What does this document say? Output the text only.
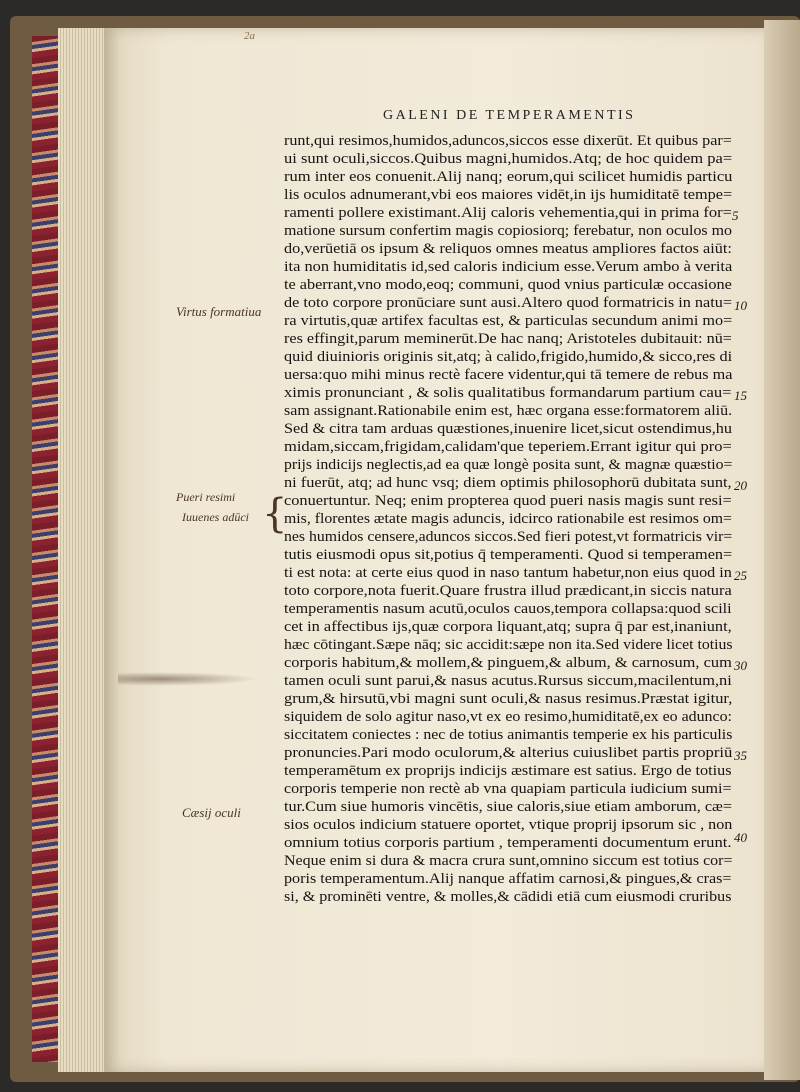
2a
GALENI DE TEMPERAMENTIS
runt,qui resimos,humidos,aduncos,siccos esse dixerūt. Et quibus par=
ui sunt oculi,siccos.Quibus magni,humidos.Atq; de hoc quidem pa=
rum inter eos conuenit.Alij nanq; eorum,qui scilicet humidis particu
lis oculos adnumerant,vbi eos maiores vidēt,in ijs humiditatē tempe=
ramenti pollere existimant.Alij caloris vehementia,qui in prima for=
matione sursum confertim magis copiosiorq; ferebatur, non oculos mo
do,verūetiā os ipsum & reliquos omnes meatus ampliores factos aiūt:
ita non humiditatis id,sed caloris indicium esse.Verum ambo à verita
te aberrant,vno modo,eoq; communi, quod vnius particulæ occasione
de toto corpore pronūciare sunt ausi.Altero quod formatricis in natu=
ra virtutis,quæ artifex facultas est, & particulas secundum animi mo=
res effingit,parum meminerūt.De hac nanq; Aristoteles dubitauit: nū=
quid diuinioris originis sit,atq; à calido,frigido,humido,& sicco,res di
uersa:quo mihi minus rectè facere videntur,qui tā temere de rebus ma
ximis pronunciant , & solis qualitatibus formandarum partium cau=
sam assignant.Rationabile enim est, hæc organa esse:formatorem aliū.
Sed & citra tam arduas quæstiones,inuenire licet,sicut ostendimus,hu
midam,siccam,frigidam,calidam'que teperiem.Errant igitur qui pro=
prijs indicijs neglectis,ad ea quæ longè posita sunt, & magnæ quæstio=
ni fuerūt, atq; ad hunc vsq; diem optimis philosophorū dubitata sunt,
conuertuntur. Neq; enim propterea quod pueri nasis magis sunt resi=
mis, florentes ætate magis aduncis, idcirco rationabile est resimos om=
nes humidos censere,aduncos siccos.Sed fieri potest,vt formatricis vir=
tutis eiusmodi opus sit,potius q̄ temperamenti. Quod si temperamen=
ti est nota: at certe eius quod in naso tantum habetur,non eius quod in
toto corpore,nota fuerit.Quare frustra illud prædicant,in siccis natura
temperamentis nasum acutū,oculos cauos,tempora collapsa:quod scili
cet in affectibus ijs,quæ corpora liquant,atq; supra q̄ par est,inaniunt,
hæc cōtingant.Sæpe nāq; sic accidit:sæpe non ita.Sed videre licet totius
corporis habitum,& mollem,& pinguem,& album, & carnosum, cum
tamen oculi sunt parui,& nasus acutus.Rursus siccum,macilentum,ni
grum,& hirsutū,vbi magni sunt oculi,& nasus resimus.Præstat igitur,
siquidem de solo agitur naso,vt ex eo resimo,humiditatē,ex eo adunco:
siccitatem coniectes : nec de totius animantis temperie ex his particulis
pronuncies.Pari modo oculorum,& alterius cuiuslibet partis propriū
temperamētum ex proprijs indicijs æstimare est satius. Ergo de totius
corporis temperie non rectè ab vna quapiam particula iudicium sumi=
tur.Cum siue humoris vincētis, siue caloris,siue etiam amborum, cæ=
sios oculos indicium statuere oportet, vtique proprij ipsorum sic , non
omnium totius corporis partium , temperamenti documentum erunt.
Neque enim si dura & macra crura sunt,omnino siccum est totius cor=
poris temperamentum.Alij nanque affatim carnosi,& pingues,& cras=
si, & prominēti ventre, & molles,& cādidi etiā cum eiusmodi cruribus
5
10
15
20
25
30
35
40
Virtus formatiua
Pueri resimi
Iuuenes adūci {
Cæsij oculi
